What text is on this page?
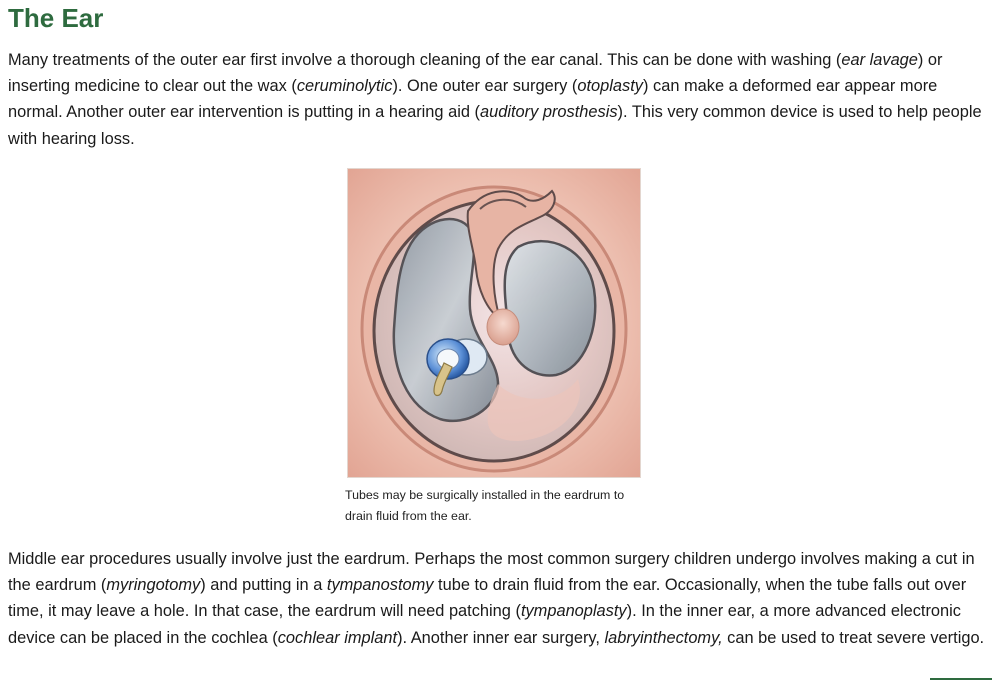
The Ear

Many treatments of the outer ear first involve a thorough cleaning of the ear canal. This can be done with washing (ear lavage) or inserting medicine to clear out the wax (ceruminolytic). One outer ear surgery (otoplasty) can make a deformed ear appear more normal. Another outer ear intervention is putting in a hearing aid (auditory prosthesis). This very common device is used to help people with hearing loss.

Tubes may be surgically installed in the eardrum to drain fluid from the ear.

Middle ear procedures usually involve just the eardrum. Perhaps the most common surgery children undergo involves making a cut in the eardrum (myringotomy) and putting in a tympanostomy tube to drain fluid from the ear. Occasionally, when the tube falls out over time, it may leave a hole. In that case, the eardrum will need patching (tympanoplasty). In the inner ear, a more advanced electronic device can be placed in the cochlea (cochlear implant). Another inner ear surgery, labryinthectomy, can be used to treat severe vertigo.
